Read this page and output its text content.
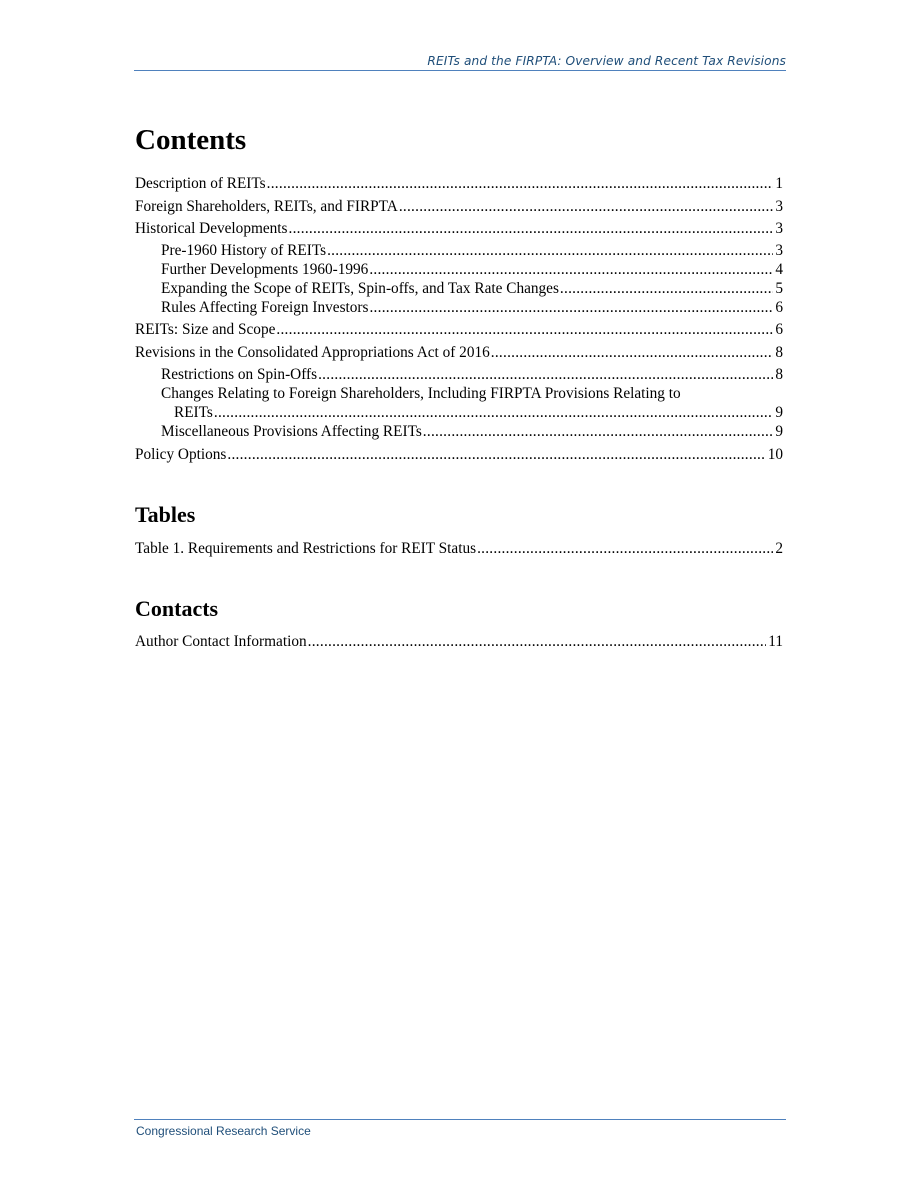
REITs and the FIRPTA: Overview and Recent Tax Revisions
Contents
Description of REITs .....	1
Foreign Shareholders, REITs, and FIRPTA .....	3
Historical Developments .....	3
Pre-1960 History of REITs .....	3
Further Developments 1960-1996 .....	4
Expanding the Scope of REITs, Spin-offs, and Tax Rate Changes .....	5
Rules Affecting Foreign Investors .....	6
REITs: Size and Scope .....	6
Revisions in the Consolidated Appropriations Act of 2016 .....	8
Restrictions on Spin-Offs .....	8
Changes Relating to Foreign Shareholders, Including FIRPTA Provisions Relating to
REITs .....	9
Miscellaneous Provisions Affecting REITs .....	9
Policy Options .....	10
Tables
Table 1. Requirements and Restrictions for REIT Status .....	2
Contacts
Author Contact Information .....	11
Congressional Research Service
